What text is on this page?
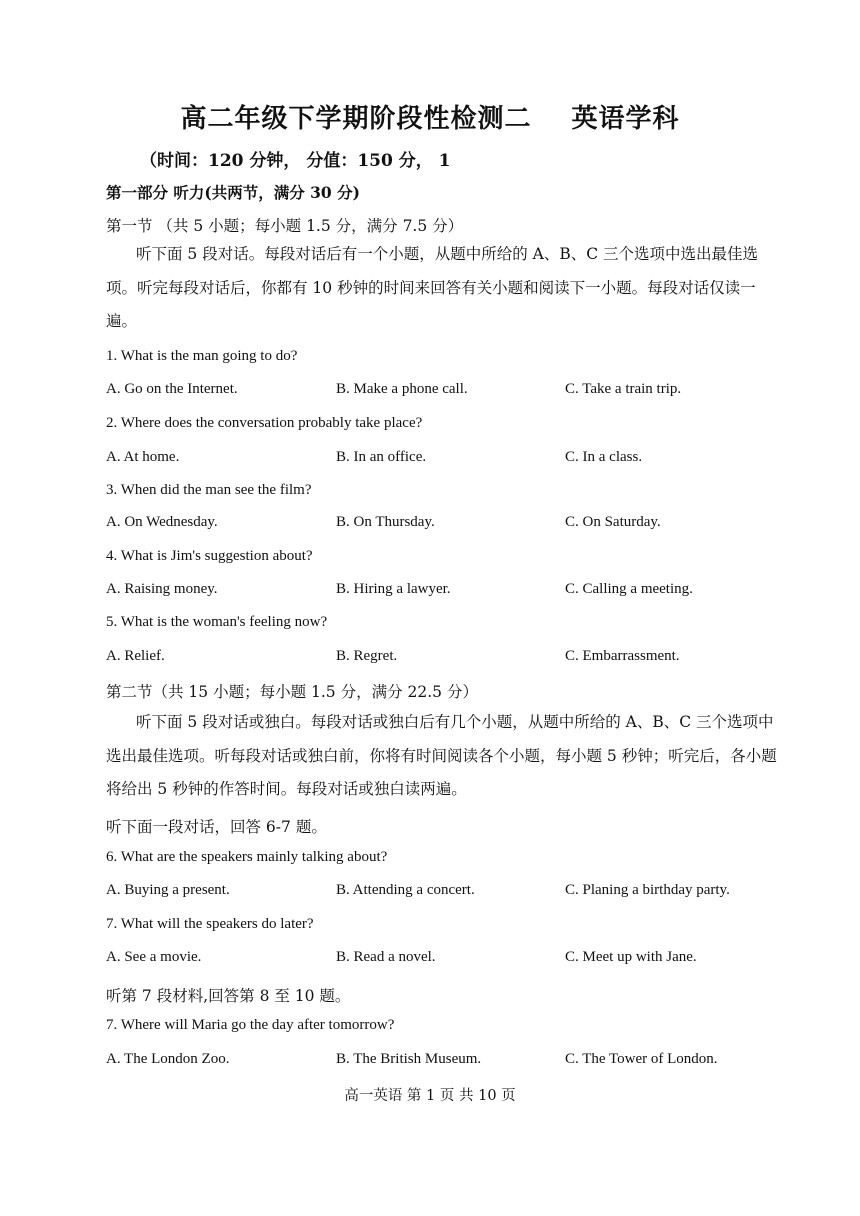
高二年级下学期阶段性检测二 英语学科
（时间：120 分钟， 分值：150 分， 1
第一部分 听力(共两节，满分 30 分)
第一节 （共 5 小题；每小题 1.5 分，满分 7.5 分）
听下面 5 段对话。每段对话后有一个小题，从题中所给的 A、B、C 三个选项中选出最佳选项。听完每段对话后，你都有 10 秒钟的时间来回答有关小题和阅读下一小题。每段对话仅读一遍。
1. What is the man going to do?
A. Go on the Internet.	B. Make a phone call.	C. Take a train trip.
2. Where does the conversation probably take place?
A. At home.	B. In an office.	C. In a class.
3. When did the man see the film?
A. On Wednesday.	B. On Thursday.	C. On Saturday.
4. What is Jim's suggestion about?
A. Raising money.	B. Hiring a lawyer.	C. Calling a meeting.
5. What is the woman's feeling now?
A. Relief.	B. Regret.	C. Embarrassment.
第二节（共 15 小题；每小题 1.5 分，满分 22.5 分）
听下面 5 段对话或独白。每段对话或独白后有几个小题，从题中所给的 A、B、C 三个选项中选出最佳选项。听每段对话或独白前，你将有时间阅读各个小题，每小题 5 秒钟；听完后，各小题将给出 5 秒钟的作答时间。每段对话或独白读两遍。
听下面一段对话，回答 6-7 题。
6. What are the speakers mainly talking about?
A. Buying a present.	B. Attending a concert.	C. Planing a birthday party.
7. What will the speakers do later?
A. See a movie.	B. Read a novel.	C. Meet up with Jane.
听第 7 段材料,回答第 8 至 10 题。
7. Where will Maria go the day after tomorrow?
A. The London Zoo.	B. The British Museum.	C. The Tower of London.
高一英语 第 1 页 共 10 页
